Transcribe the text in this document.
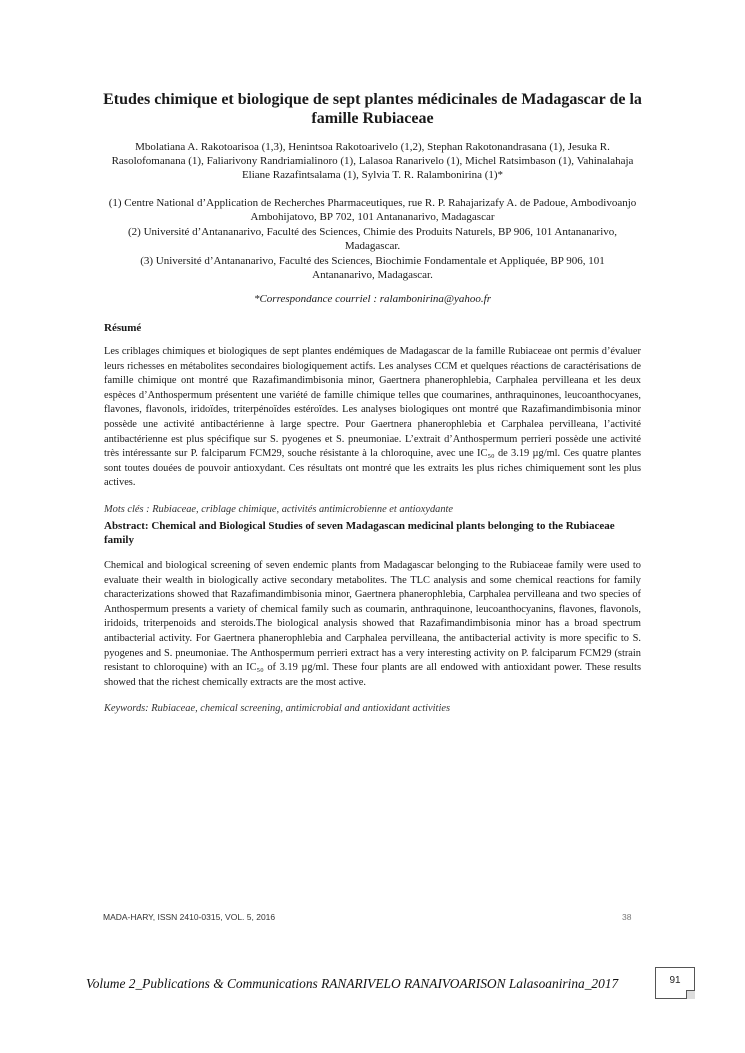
Etudes chimique et biologique de sept plantes médicinales de Madagascar de la famille Rubiaceae
Mbolatiana A. Rakotoarisoa (1,3), Henintsoa Rakotoarivelo (1,2), Stephan Rakotonandrasana (1), Jesuka R. Rasolofomanana (1), Faliarivony Randriamialinoro (1), Lalasoa Ranarivelo (1), Michel Ratsimbason (1), Vahinalahaja Eliane Razafintsalama (1), Sylvia T. R. Ralambonirina (1)*

(1) Centre National d’Application de Recherches Pharmaceutiques, rue R. P. Rahajarizafy A. de Padoue, Ambodivoanjo Ambohijatovo, BP 702, 101 Antananarivo, Madagascar

(2) Université d’Antananarivo, Faculté des Sciences, Chimie des Produits Naturels, BP 906, 101 Antananarivo, Madagascar.

(3) Université d’Antananarivo, Faculté des Sciences, Biochimie Fondamentale et Appliquée, BP 906, 101 Antananarivo, Madagascar.

*Correspondance courriel : ralambonirina@yahoo.fr

Résumé

Les criblages chimiques et biologiques de sept plantes endémiques de Madagascar de la famille Rubiaceae ont permis d’évaluer leurs richesses en métabolites secondaires biologiquement actifs. Les analyses CCM et quelques réactions de caractérisations de famille chimique ont montré que Razafimandimbisonia minor, Gaertnera phanerophlebia, Carphalea pervilleana et les deux espèces d’Anthospermum présentent une variété de famille chimique telles que coumarines, anthraquinones, leucoanthocyanes, flavones, flavonols, iridoïdes, triterpénoïdes estéroïdes. Les analyses biologiques ont montré que Razafimandimbisonia minor possède une activité antibactérienne à large spectre. Pour Gaertnera phanerophlebia et Carphalea pervilleana, l’activité antibactérienne est plus spécifique sur S. pyogenes et S. pneumoniae. L’extrait d’Anthospermum perrieri possède une activité très intéressante sur P. falciparum FCM29, souche résistante à la chloroquine, avec une IC₅₀ de 3.19 µg/ml. Ces quatre plantes sont toutes douées de pouvoir antioxydant. Ces résultats ont montré que les extraits les plus riches chimiquement sont les plus actives.

Mots clés : Rubiaceae, criblage chimique, activités antimicrobienne et antioxydante

Abstract: Chemical and Biological Studies of seven Madagascan medicinal plants belonging to the Rubiaceae family

Chemical and biological screening of seven endemic plants from Madagascar belonging to the Rubiaceae family were used to evaluate their wealth in biologically active secondary metabolites. The TLC analysis and some chemical reactions for family characterizations showed that Razafimandimbisonia minor, Gaertnera phanerophlebia, Carphalea pervilleana and two species of Anthospermum presents a variety of chemical family such as coumarin, anthraquinone, leucoanthocyanins, flavones, flavonols, iridoids, triterpenoids and steroids.The biological analysis showed that Razafimandimbisonia minor has a broad spectrum antibacterial activity. For Gaertnera phanerophlebia and Carphalea pervilleana, the antibacterial activity is more specific to S. pyogenes and S. pneumoniae. The Anthospermum perrieri extract has a very interesting activity on P. falciparum FCM29 (strain resistant to chloroquine) with an IC₅₀ of 3.19 µg/ml. These four plants are all endowed with antioxidant power. These results showed that the richest chemically extracts are the most active.

Keywords: Rubiaceae, chemical screening, antimicrobial and antioxidant activities

MADA-HARY, ISSN 2410-0315, VOL. 5, 2016	38
Volume 2_Publications & Communications RANARIVELO RANAIVOARISON Lalasoanirina_2017	91
